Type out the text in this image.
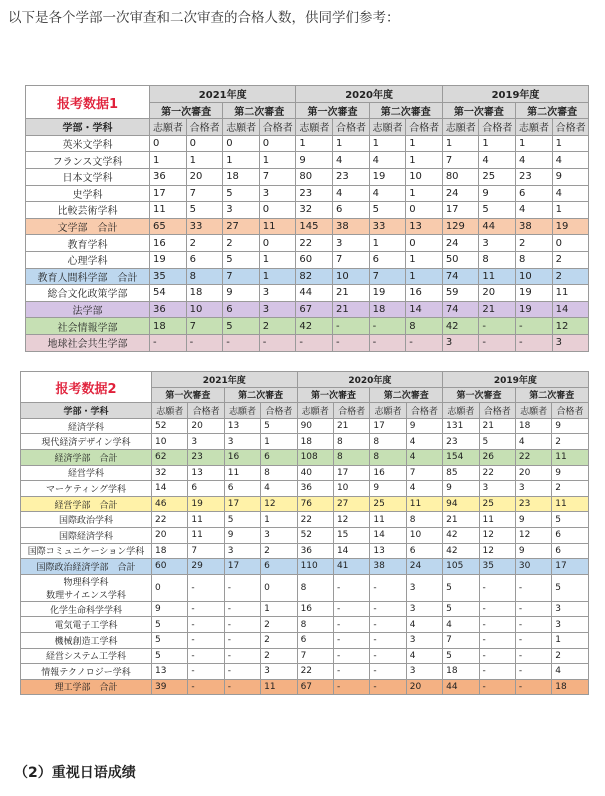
以下是各个学部一次审查和二次审查的合格人数，供同学们参考：
报考数据1	2021年度				2020年度				2019年度			
	第一次審査		第二次審査		第一次審査		第二次審査		第一次審査		第二次審査	
学部・学科	志願者	合格者	志願者	合格者	志願者	合格者	志願者	合格者	志願者	合格者	志願者	合格者
英米文学科	0	0	0	0	1	1	1	1	1	1	1	1
フランス文学科	1	1	1	1	9	4	4	1	7	4	4	4
日本文学科	36	20	18	7	80	23	19	10	80	25	23	9
史学科	17	7	5	3	23	4	4	1	24	9	6	4
比較芸術学科	11	5	3	0	32	6	5	0	17	5	4	1
文学部　合計	65	33	27	11	145	38	33	13	129	44	38	19
教育学科	16	2	2	0	22	3	1	0	24	3	2	0
心理学科	19	6	5	1	60	7	6	1	50	8	8	2
教育人間科学部　合計	35	8	7	1	82	10	7	1	74	11	10	2
総合文化政策学部	54	18	9	3	44	21	19	16	59	20	19	11
法学部	36	10	6	3	67	21	18	14	74	21	19	14
社会情報学部	18	7	5	2	42	-	-	8	42	-	-	12
地球社会共生学部	-	-	-	-	-	-	-	-	3	-	-	3
报考数据2	2021年度				2020年度				2019年度			
	第一次審査		第二次審査		第一次審査		第二次審査		第一次審査		第二次審査	
学部・学科	志願者	合格者	志願者	合格者	志願者	合格者	志願者	合格者	志願者	合格者	志願者	合格者
経済学科	52	20	13	5	90	21	17	9	131	21	18	9
現代経済デザイン学科	10	3	3	1	18	8	8	4	23	5	4	2
経済学部　合計	62	23	16	6	108	8	8	4	154	26	22	11
経営学科	32	13	11	8	40	17	16	7	85	22	20	9
マーケティング学科	14	6	6	4	36	10	9	4	9	3	3	2
経営学部　合計	46	19	17	12	76	27	25	11	94	25	23	11
国際政治学科	22	11	5	1	22	12	11	8	21	11	9	5
国際経済学科	20	11	9	3	52	15	14	10	42	12	12	6
国際コミュニケーション学科	18	7	3	2	36	14	13	6	42	12	9	6
国際政治経済学部　合計	60	29	17	6	110	41	38	24	105	35	30	17

物理科学科
数理サイエンス学科	0	-	-	0	8	-	-	3	5	-	-	5
化学生命科学学科	9	-	-	1	16	-	-	3	5	-	-	3
電気電子工学科	5	-	-	2	8	-	-	4	4	-	-	3
機械創造工学科	5	-	-	2	6	-	-	3	7	-	-	1
経営システム工学科	5	-	-	2	7	-	-	4	5	-	-	2
情報テクノロジー学科	13	-	-	3	22	-	-	3	18	-	-	4
理工学部　合計	39	-	-	11	67	-	-	20	44	-	-	18
（2）重视日语成绩
